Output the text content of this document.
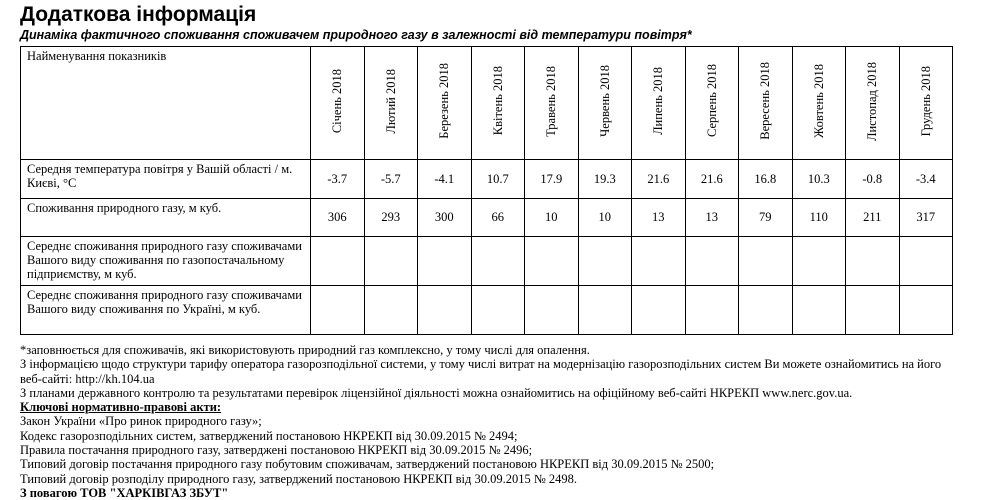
Додаткова інформація
Динаміка фактичного споживання споживачем природного газу в залежності від температури повітря*
Найменування показників	Січень 2018	Лютий 2018	Березень 2018	Квітень 2018	Травень 2018	Червень 2018	Липень 2018	Серпень 2018	Вересень 2018	Жовтень 2018	Листопад 2018	Грудень 2018
Середня температура повітря у Вашій області / м. Києві, °С	-3.7	-5.7	-4.1	10.7	17.9	19.3	21.6	21.6	16.8	10.3	-0.8	-3.4
Споживання природного газу, м куб.	306	293	300	66	10	10	13	13	79	110	211	317
Середнє споживання природного газу споживачами Вашого виду споживання по газопостачальному підприємству, м куб.												
Середнє споживання природного газу споживачами Вашого виду споживання по Україні, м куб.												

*заповнюється для споживачів, які використовують природний газ комплексно, у тому числі для опалення.

З інформацією щодо структури тарифу оператора газорозподільної системи, у тому числі витрат на модернізацію газорозподільних систем Ви можете ознайомитись на його веб-сайті: http://kh.104.ua

З планами державного контролю та результатами перевірок ліцензійної діяльності можна ознайомитись на офіційному веб-сайті НКРЕКП www.nerc.gov.ua.

Ключові нормативно-правові акти:

Закон України «Про ринок природного газу»;

Кодекс газорозподільних систем, затверджений постановою НКРЕКП від 30.09.2015 № 2494;

Правила постачання природного газу, затверджені постановою НКРЕКП від 30.09.2015 № 2496;

Типовий договір постачання природного газу побутовим споживачам, затверджений постановою НКРЕКП від 30.09.2015 № 2500;

Типовий договір розподілу природного газу, затверджений постановою НКРЕКП від 30.09.2015 № 2498.

З повагою ТОВ "ХАРКІВГАЗ ЗБУТ"
